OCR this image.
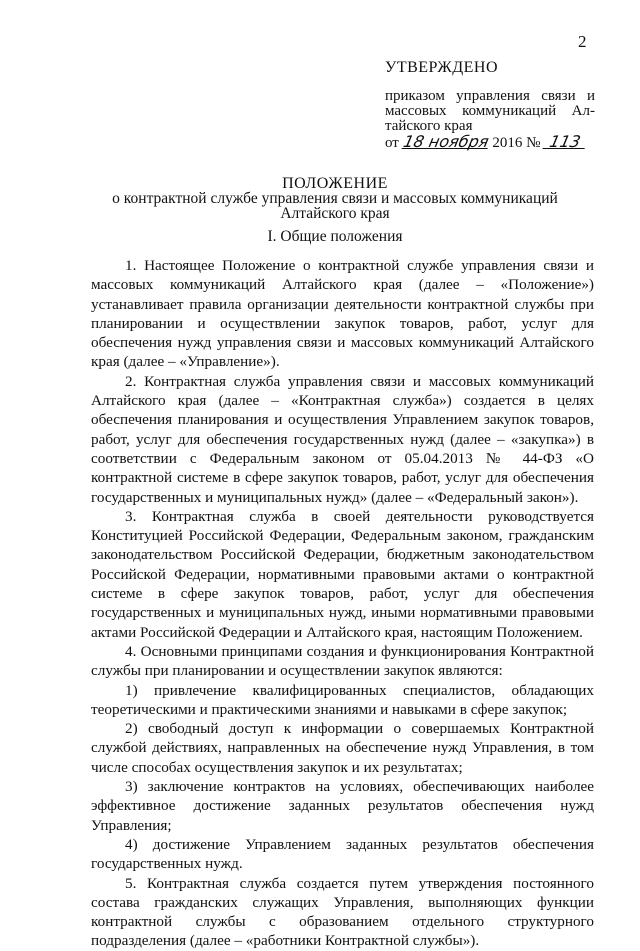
2
УТВЕРЖДЕНО
приказом управления связи и
массовых коммуникаций Ал-
тайского края
от 18 ноября 2016 № 113
ПОЛОЖЕНИЕ
о контрактной службе управления связи и массовых коммуникаций
Алтайского края
I. Общие положения

1. Настоящее Положение о контрактной службе управления связи и массовых коммуникаций Алтайского края (далее – «Положение») устанавливает правила организации деятельности контрактной службы при планировании и осуществлении закупок товаров, работ, услуг для обеспечения нужд управления связи и массовых коммуникаций Алтайского края (далее – «Управление»).

2. Контрактная служба управления связи и массовых коммуникаций Алтайского края (далее – «Контрактная служба») создается в целях обеспечения планирования и осуществления Управлением закупок товаров, работ, услуг для обеспечения государственных нужд (далее – «закупка») в соответствии с Федеральным законом от 05.04.2013 № 44-ФЗ «О контрактной системе в сфере закупок товаров, работ, услуг для обеспечения государственных и муниципальных нужд» (далее – «Федеральный закон»).

3. Контрактная служба в своей деятельности руководствуется Конституцией Российской Федерации, Федеральным законом, гражданским законодательством Российской Федерации, бюджетным законодательством Российской Федерации, нормативными правовыми актами о контрактной системе в сфере закупок товаров, работ, услуг для обеспечения государственных и муниципальных нужд, иными нормативными правовыми актами Российской Федерации и Алтайского края, настоящим Положением.

4. Основными принципами создания и функционирования Контрактной службы при планировании и осуществлении закупок являются:

1) привлечение квалифицированных специалистов, обладающих теоретическими и практическими знаниями и навыками в сфере закупок;

2) свободный доступ к информации о совершаемых Контрактной службой действиях, направленных на обеспечение нужд Управления, в том числе способах осуществления закупок и их результатах;

3) заключение контрактов на условиях, обеспечивающих наиболее эффективное достижение заданных результатов обеспечения нужд Управления;

4) достижение Управлением заданных результатов обеспечения государственных нужд.

5. Контрактная служба создается путем утверждения постоянного состава гражданских служащих Управления, выполняющих функции контрактной службы с образованием отдельного структурного подразделения (далее – «работники Контрактной службы»).
